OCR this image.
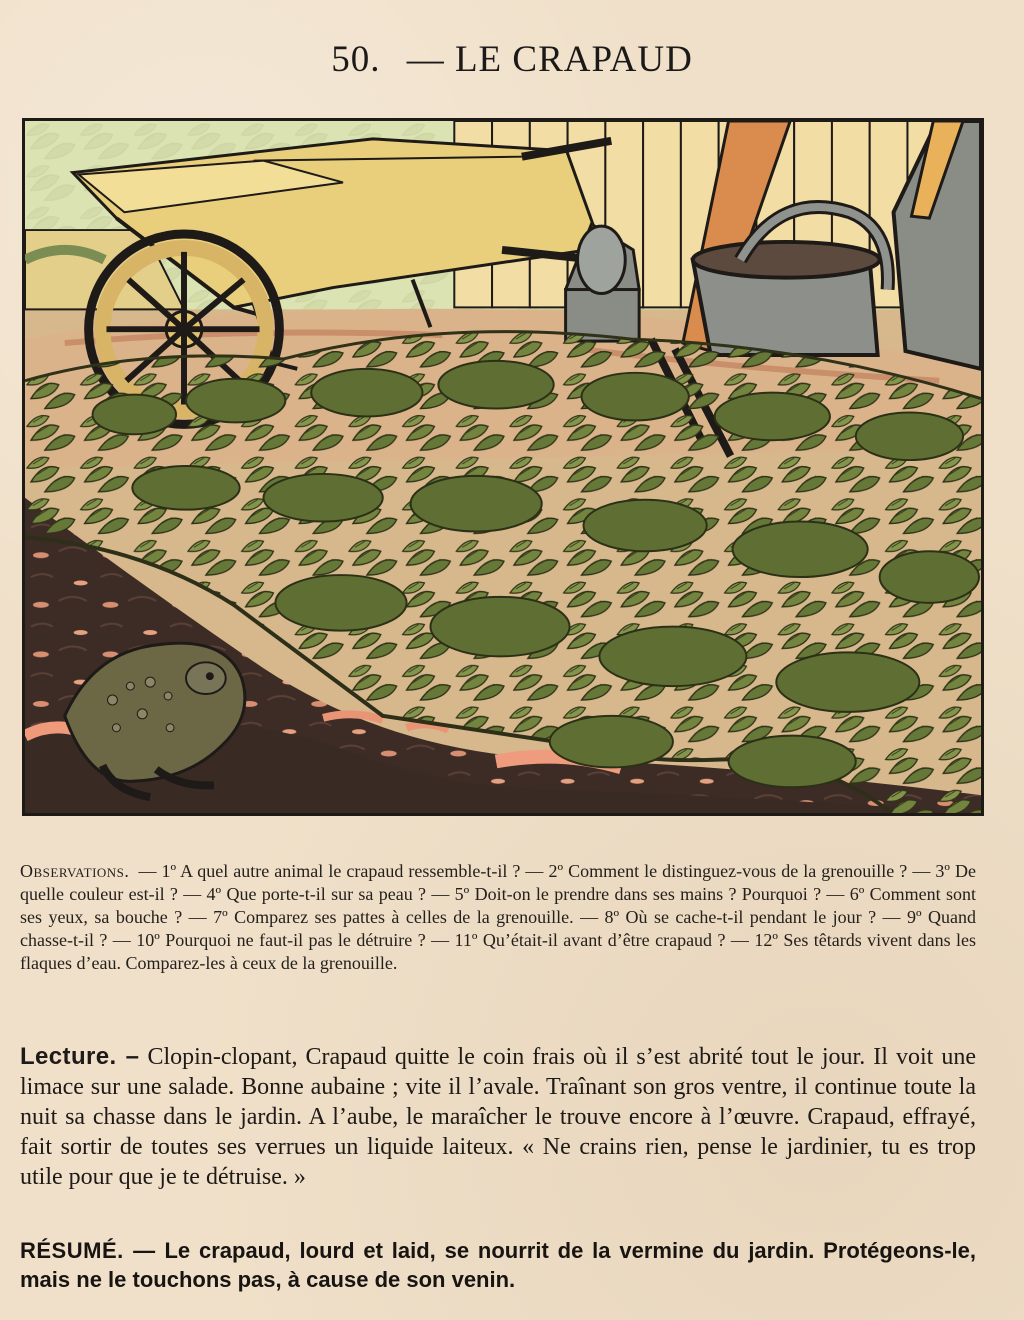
50. — LE CRAPAUD
Observations. — 1º A quel autre animal le crapaud ressemble-t-il ? — 2º Comment le distinguez-vous de la grenouille ? — 3º De quelle couleur est-il ? — 4º Que porte-t-il sur sa peau ? — 5º Doit-on le prendre dans ses mains ? Pourquoi ? — 6º Comment sont ses yeux, sa bouche ? — 7º Comparez ses pattes à celles de la grenouille. — 8º Où se cache-t-il pendant le jour ? — 9º Quand chasse-t-il ? — 10º Pourquoi ne faut-il pas le détruire ? — 11º Qu’était-il avant d’être crapaud ? — 12º Ses têtards vivent dans les flaques d’eau. Comparez-les à ceux de la grenouille.
Lecture. – Clopin-clopant, Crapaud quitte le coin frais où il s’est abrité tout le jour. Il voit une limace sur une salade. Bonne aubaine ; vite il l’avale. Traînant son gros ventre, il continue toute la nuit sa chasse dans le jardin. A l’aube, le maraîcher le trouve encore à l’œuvre. Crapaud, effrayé, fait sortir de toutes ses verrues un liquide laiteux. « Ne crains rien, pense le jardinier, tu es trop utile pour que je te détruise. »
RÉSUMÉ. — Le crapaud, lourd et laid, se nourrit de la vermine du jardin. Protégeons-le, mais ne le touchons pas, à cause de son venin.
